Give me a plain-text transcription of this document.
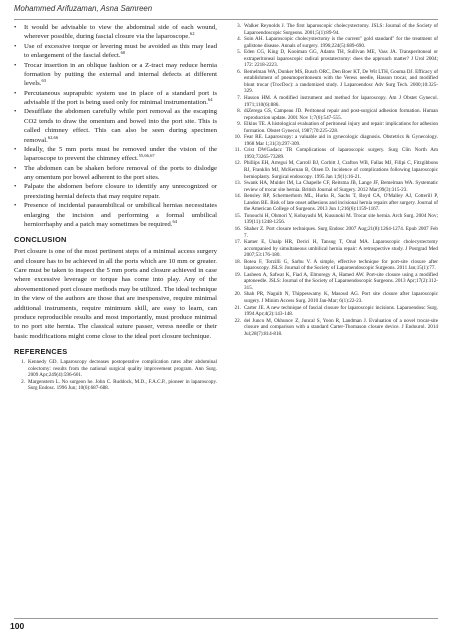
Mohammed Arifuzaman, Asna Samreen
• It would be advisable to view the abdominal side of each wound, wherever possible, during fascial closure via the laparoscope.$^{62}$
• Use of excessive torque or levering must be avoided as this may lead to enlargement of the fascial defect.$^{60}$
• Trocar insertion in an oblique fashion or a Z-tract may reduce hernia formation by putting the external and internal defects at different levels.$^{63}$
• Percutaneous suprapubic system use in place of a standard port is advisable if the port is being used only for minimal instrumentation.$^{64}$
• Desufflate the abdomen carefully while port removal as the escaping CO2 tends to draw the omentum and bowel into the port site. This is called chimney effect. This can also be seen during specimen removal.$^{62,66}$
• Ideally, the 5 mm ports must be removed under the vision of the laparoscope to prevent the chimney effect.$^{55,66,67}$
• The abdomen can be shaken before removal of the ports to dislodge any omentum por bowel adherent to the port sites.
• Palpate the abdomen before closure to identify any unrecognized or preexisting hernial defects that may require repair.
• Presence of incidental paraumbilical or umbilical hernias necessitates enlarging the incision and performing a formal umbilical herniorrhaphy and a patch may sometimes be required.$^{64}$
CONCLUSION

Port closure is one of the most pertinent steps of a minimal access surgery and closure has to be achieved in all the ports which are 10 mm or greater. Care must be taken to inspect the 5 mm ports and closure achieved in case where excessive leverage or torque has come into play. Any of the abovementioned port closure methods may be utilized. The ideal technique in the view of the authors are those that are inexpensive, require minimal additional instruments, require minimum skill, are easy to learn, can produce reproducible results and most importantly, must produce minimal to no port site hernia. The classical suture passer, veress needle or their basic modifications might come close to the ideal port closure technique.

REFERENCES
1. Kennedy GD. Laparoscopy decreases postoperative complication rates after abdominal colectomy: results from the national surgical quality improvement program. Ann Surg. 2009 Apr;249(4):596-601.
2. Margenstern L. No surgeon he. John C. Ruddock, M.D., F.A.C.P., pioneer in laparoscopy. Surg Endosc. 1996 Jun; 10(6):687-688.
3. Walker Reynolds J. The first laparoscopic cholecystectomy. JSLS: Journal of the Society of Laparoendoscopic Surgeons. 2001;5(1):89-94.
4. Soin AH. Laparoscopic cholecystectomy is the current" gold standard" for the treatment of gallstone disease. Annals of surgery. 1996;224(5):689-690.
5. Eden CG, King D, Kooiman GG, Adams TH, Sullivan ME, Vass JA. Transperitoneal or extraperitoneal laparoscopic radical prostatectomy: does the approach matter? J Urol 2004; 172: 2218-2223.
6. Bemelman WA, Dunker MS, Busch ORC, Den Boer KT, De Wit LTH, Gouma DJ. Efficacy of establishment of pneumoperitoneum with the Veress needle, Hasson trocar, and modified blunt trocar (TrocDoc): a randomized study. J Laparoendosc Adv Surg Tech. 2000;10:325-329.
7. Hasson HM. A modified instrument and method for laparoscopy. Am J Obstet Gynecol. 1971;110(6):886.
8. diZerega GS, Campeau JD. Peritoneal repair and post-surgical adhesion formation. Human reproduction update. 2001 Nov 1;7(6):547-555.
9. Elkins TE. A histological evaluation of peritoneal injury and repair: implications for adhesion formation. Obstet Gynecol, 1987;70:225-228.
10. Fear RE. Laparoscopy: a valuable aid in gynecologic diagnosis. Obstetrics & Gynecology. 1968 Mar 1;31(3):297-309.
11. Crist DWGadacz TR Complications of laparoscopic surgery. Surg Clin North Am 1993;73265-73289.
12. Phillips EH, Arregui M, Carroll BJ, Corbitt J, Crafton WB, Fallas MJ, Filipi C, Fitzgibbons RJ, Franklin MJ, McKernan B, Olsen D. Incidence of complications following laparoscopic hernioplasty. Surgical endoscopy. 1995 Jan 1;9(1):16-21.
13. Swank HA, Mulder IM, La Chapelle CF, Reitsma JB, Lange JF, Bemelman WA. Systematic review of trocar site hernia. British Journal of Surgery. 2012 Mar;99(3):315-23.
14. Bensley RP, Schermerhorn ML, Hurks R, Sachs T, Boyd CA, O'Malley AJ, Cotterill P, Landon BE. Risk of late onset adhesions and incisional hernia repairs after surgery. Journal of the American College of Surgeons. 2013 Jun 1;216(6):1159-1167.
15. Tonouchi H, Ohmori Y, Kobayashi M, Kusunoki M. Trocar site hernia. Arch Surg. 2004 Nov; 139(11):1248-1256.
16. Shaher Z. Port closure techniques. Surg Endosc 2007 Aug;21(8):1264-1274. Epub 2007 Feb 7.
17. Kamer E, Unalp HR, Derici H, Tansug T, Onal MA. Laparoscopic cholecystectomy accompanied by simultaneous umbilical hernia repair: A retrospective study. J Postgrad Med 2007;53:176-180.
18. Botea F, Torzilli G, Sarbu V. A simple, effective technique for port-site closure after laparoscopy. JSLS: Journal of the Society of Laparoendoscopic Surgeons. 2011 Jan;15(1):77.
19. Lasheen A, Safwat K, Fiad A, Elmoregy A, Hamed AW. Port-site closure using a modified aptoneedle. JSLS: Journal of the Society of Laparoendoscopic Surgeons. 2013 Apr;17(2):312-315.
20. Shah PR, Naguib N, Thippeswamy K, Masoud AG. Port site closure after laparoscopic surgery. J Minim Access Surg. 2010 Jan-Mar; 6(1):22-23.
21. Carter JE. A new technique of fascial closure for laparoscopic incisions. Laparoendosc Surg. 1994 Apr;4(2):143-148.
22. del Junco M, Okhunov Z, Juncal S, Yoon R, Landman J. Evaluation of a novel trocar-site closure and comparison with a standard Carter-Thomason closure device. J Endourol. 2014 Jul;28(7):814-818.
100
